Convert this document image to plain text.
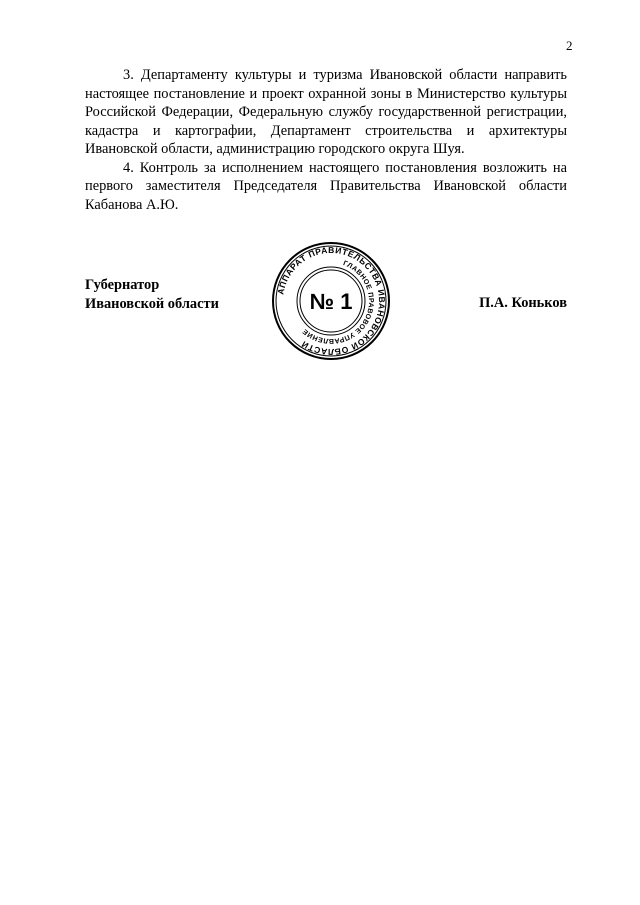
2

3. Департаменту культуры и туризма Ивановской области направить настоящее постановление и проект охранной зоны в Министерство культуры Российской Федерации, Федеральную службу государственной регистрации, кадастра и картографии, Департамент строительства и архитектуры Ивановской области, администрацию городского округа Шуя.

4. Контроль за исполнением настоящего постановления возложить на первого заместителя Председателя Правительства Ивановской области Кабанова А.Ю.

Губернатор
Ивановской области	П.А. Коньков
АППАРАТ ПРАВИТЕЛЬСТВА ИВАНОВСКОЙ ОБЛАСТИ
ГЛАВНОЕ ПРАВОВОЕ УПРАВЛЕНИЕ
№ 1
